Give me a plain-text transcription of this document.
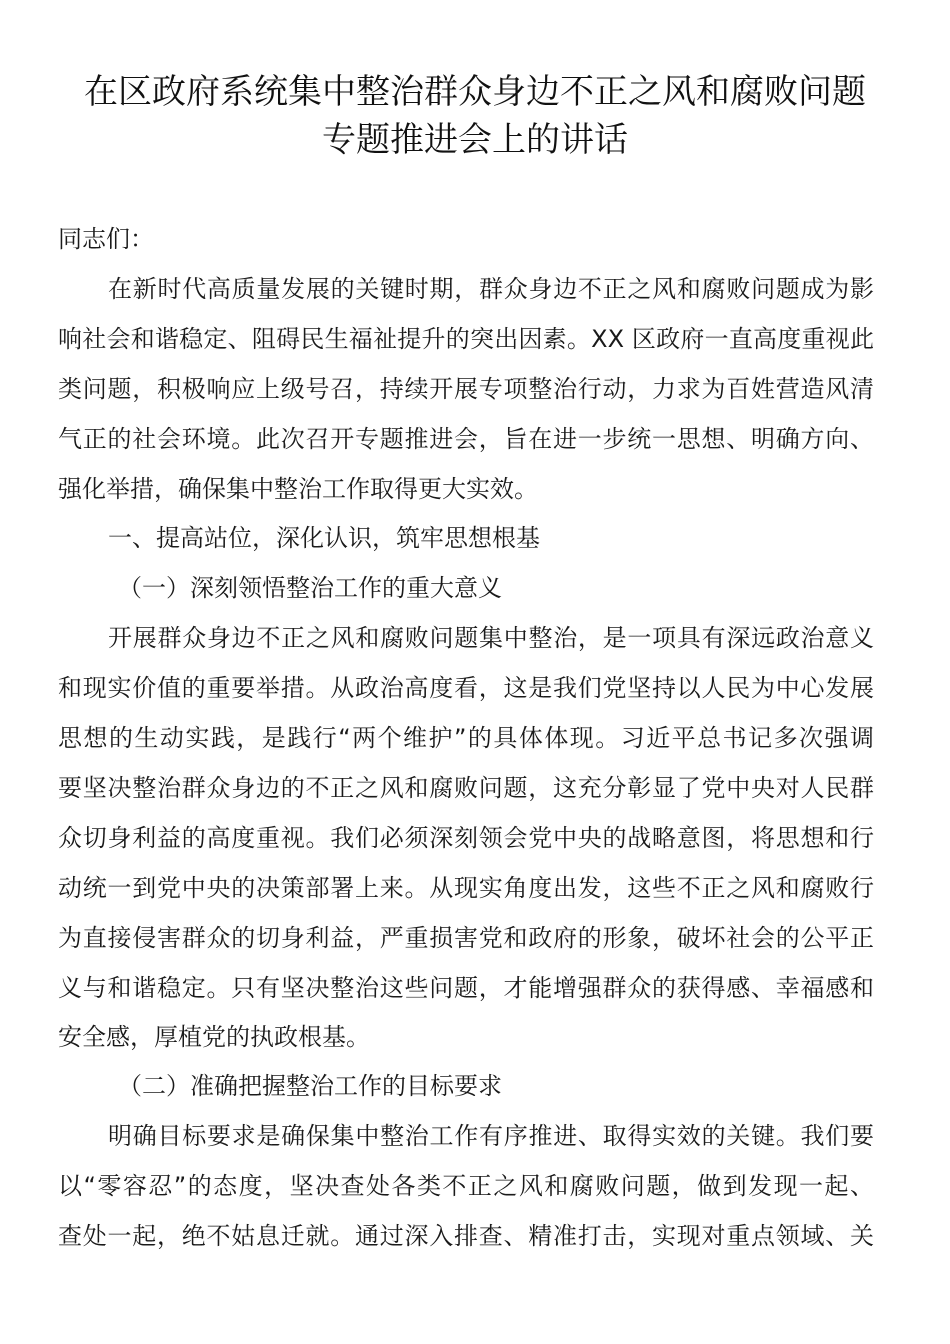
在区政府系统集中整治群众身边不正之风和腐败问题
专题推进会上的讲话
同志们：
在新时代高质量发展的关键时期，群众身边不正之风和腐败问题成为影
响社会和谐稳定、阻碍民生福祉提升的突出因素。XX 区政府一直高度重视此
类问题，积极响应上级号召，持续开展专项整治行动，力求为百姓营造风清
气正的社会环境。此次召开专题推进会，旨在进一步统一思想、明确方向、
强化举措，确保集中整治工作取得更大实效。
一、提高站位，深化认识，筑牢思想根基
（一）深刻领悟整治工作的重大意义
开展群众身边不正之风和腐败问题集中整治，是一项具有深远政治意义
和现实价值的重要举措。从政治高度看，这是我们党坚持以人民为中心发展
思想的生动实践，是践行“两个维护”的具体体现。习近平总书记多次强调
要坚决整治群众身边的不正之风和腐败问题，这充分彰显了党中央对人民群
众切身利益的高度重视。我们必须深刻领会党中央的战略意图，将思想和行
动统一到党中央的决策部署上来。从现实角度出发，这些不正之风和腐败行
为直接侵害群众的切身利益，严重损害党和政府的形象，破坏社会的公平正
义与和谐稳定。只有坚决整治这些问题，才能增强群众的获得感、幸福感和
安全感，厚植党的执政根基。
（二）准确把握整治工作的目标要求
明确目标要求是确保集中整治工作有序推进、取得实效的关键。我们要
以“零容忍”的态度，坚决查处各类不正之风和腐败问题，做到发现一起、
查处一起，绝不姑息迁就。通过深入排查、精准打击，实现对重点领域、关
